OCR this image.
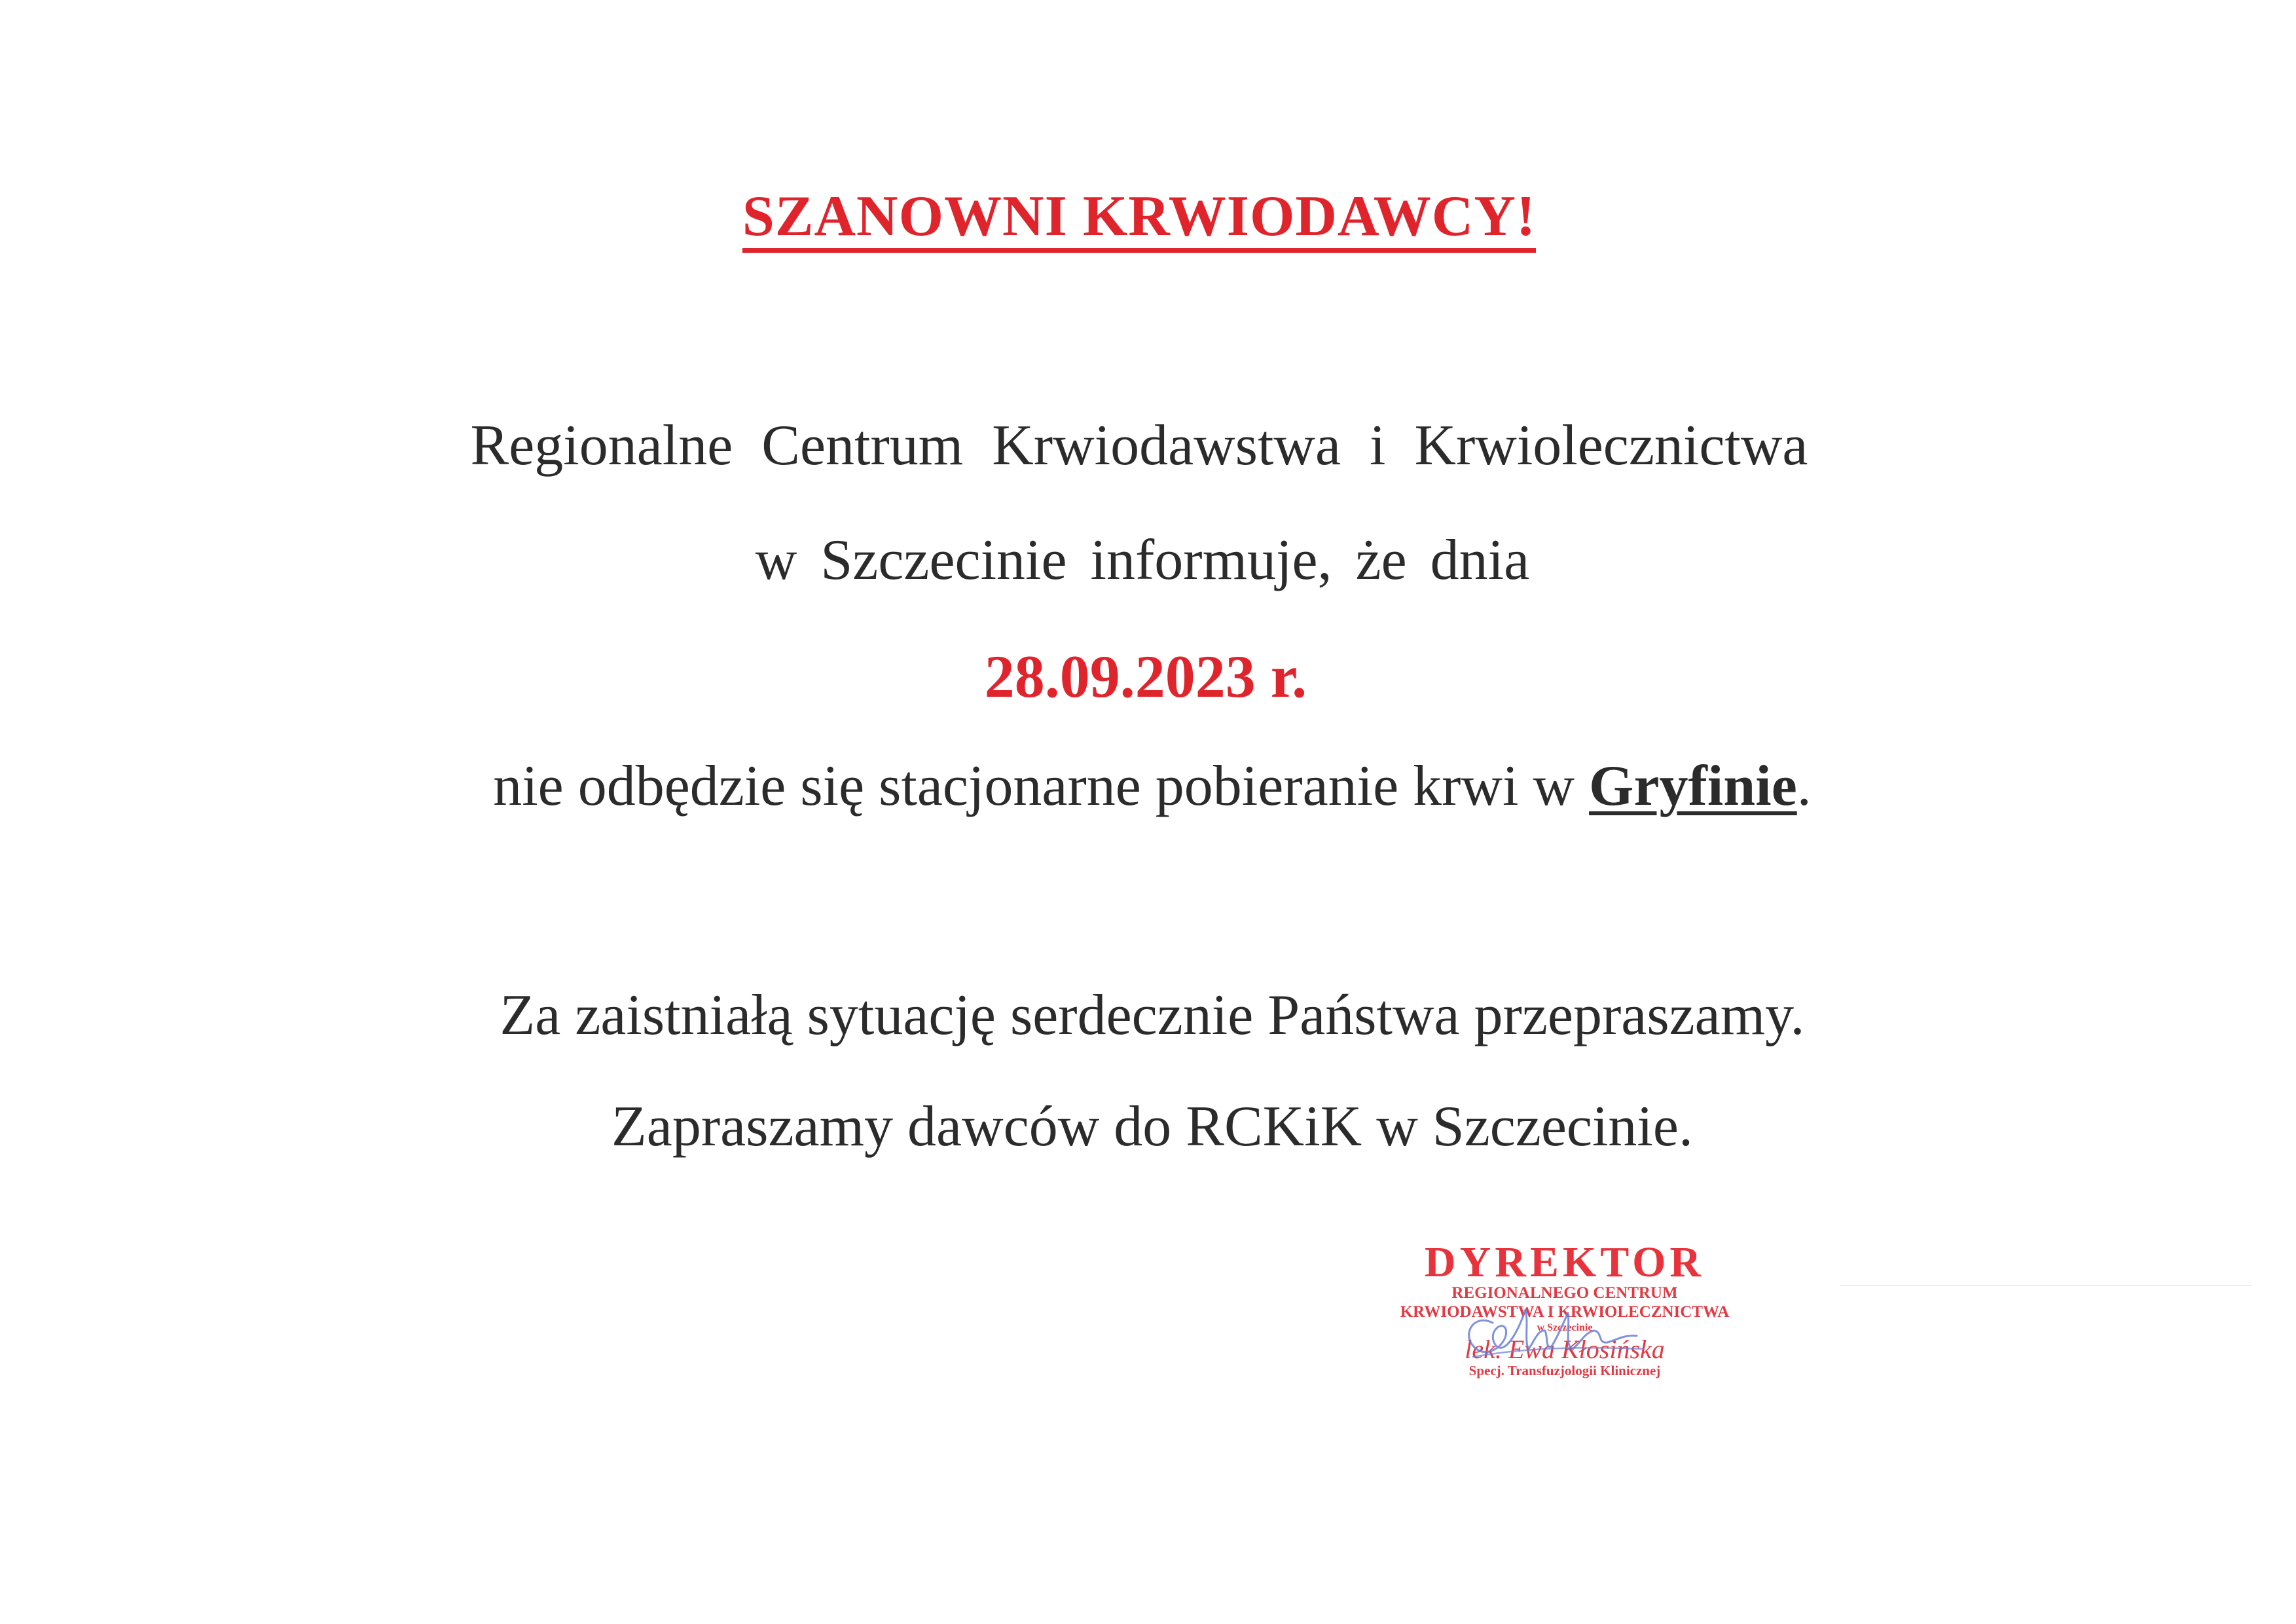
SZANOWNI KRWIODAWCY!
Regionalne Centrum Krwiodawstwa i Krwiolecznictwa
w Szczecinie informuje, że dnia
28.09.2023 r.
nie odbędzie się stacjonarne pobieranie krwi w Gryfinie.
Za zaistniałą sytuację serdecznie Państwa przepraszamy.
Zapraszamy dawców do RCKiK w Szczecinie.
DYREKTOR
REGIONALNEGO CENTRUM
KRWIODAWSTWA I KRWIOLECZNICTWA
w Szczecinie
lek. Ewa Kłosińska
Specj. Transfuzjologii Klinicznej
